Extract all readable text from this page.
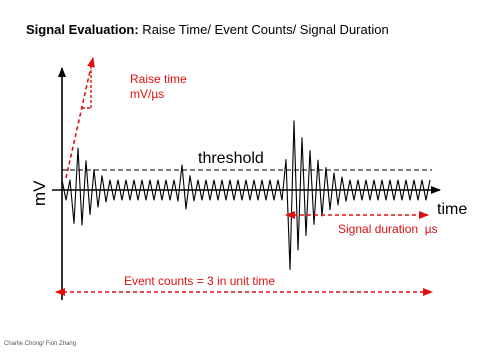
Signal Evaluation: Raise Time/ Event Counts/ Signal Duration
Raise time
mV/µs
threshold
mV
time
Signal duration  µs
Event counts = 3 in unit time
Charlie Chong/ Fion Zhang
